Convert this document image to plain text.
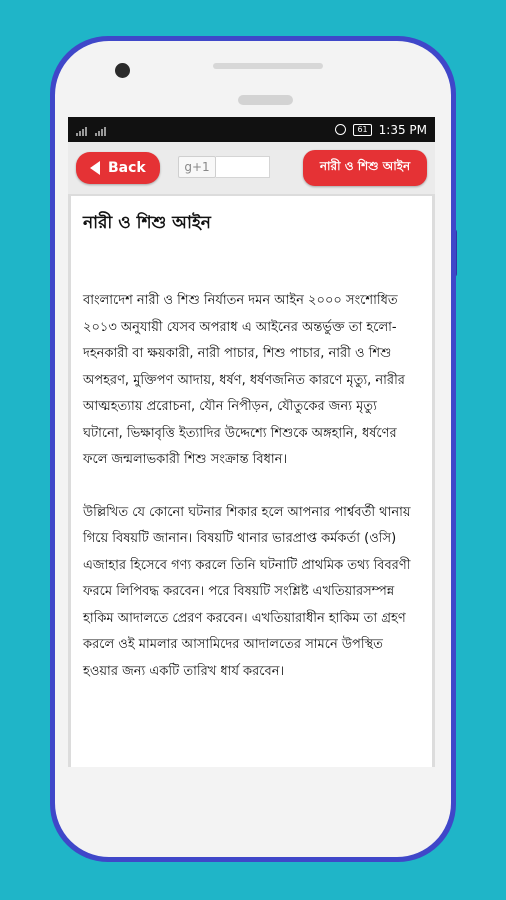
61 1:35 PM
Back	g+1	নারী ও শিশু আইন
নারী ও শিশু আইন

বাংলাদেশ নারী ও শিশু নির্যাতন দমন আইন ২০০০ সংশোধিত ২০১৩ অনুযায়ী যেসব অপরাধ এ আইনের অন্তর্ভুক্ত তা হলো- দহনকারী বা ক্ষয়কারী, নারী পাচার, শিশু পাচার, নারী ও শিশু অপহরণ, মুক্তিপণ আদায়, ধর্ষণ, ধর্ষণজনিত কারণে মৃত্যু, নারীর আত্মহত্যায় প্ররোচনা, যৌন নিপীড়ন, যৌতুকের জন্য মৃত্যু ঘটানো, ভিক্ষাবৃত্তি ইত্যাদির উদ্দেশ্যে শিশুকে অঙ্গহানি, ধর্ষণের ফলে জন্মলাভকারী শিশু সংক্রান্ত বিধান।

উল্লিখিত যে কোনো ঘটনার শিকার হলে আপনার পার্শ্ববর্তী থানায় গিয়ে বিষয়টি জানান। বিষয়টি থানার ভারপ্রাপ্ত কর্মকর্তা (ওসি) এজাহার হিসেবে গণ্য করলে তিনি ঘটনাটি প্রাথমিক তথ্য বিবরণী ফরমে লিপিবদ্ধ করবেন। পরে বিষয়টি সংশ্লিষ্ট এখতিয়ারসম্পন্ন হাকিম আদালতে প্রেরণ করবেন। এখতিয়ারাধীন হাকিম তা গ্রহণ করলে ওই মামলার আসামিদের আদালতের সামনে উপস্থিত হওয়ার জন্য একটি তারিখ ধার্য করবেন।
